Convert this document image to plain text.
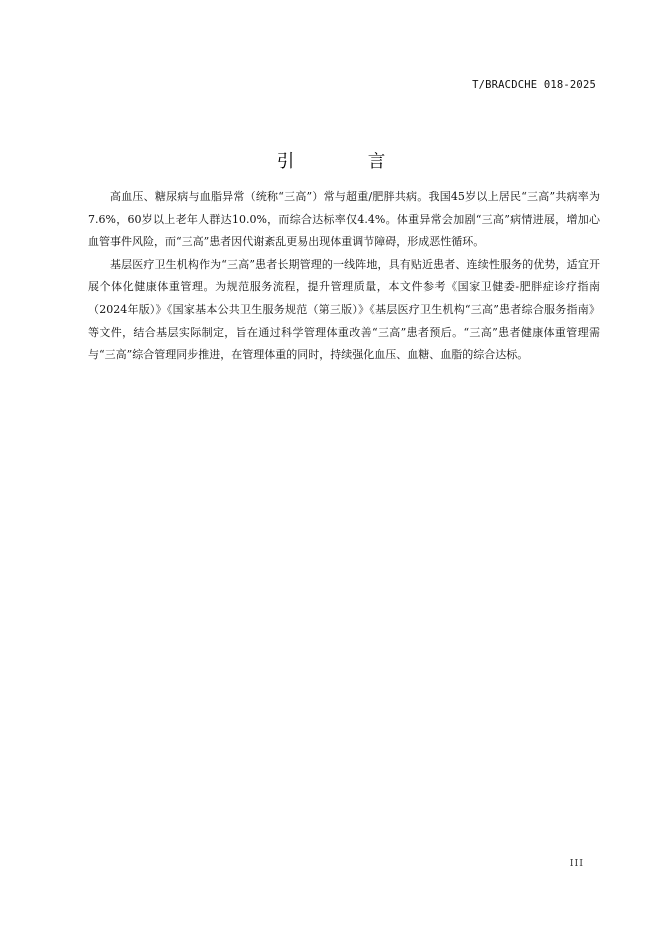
T/BRACDCHE 018-2025
引　言

高血压、糖尿病与血脂异常（统称“三高”）常与超重/肥胖共病。我国45岁以上居民“三高”共病率为7.6%，60岁以上老年人群达10.0%，而综合达标率仅4.4%。体重异常会加剧“三高”病情进展，增加心血管事件风险，而“三高”患者因代谢紊乱更易出现体重调节障碍，形成恶性循环。

基层医疗卫生机构作为“三高”患者长期管理的一线阵地，具有贴近患者、连续性服务的优势，适宜开展个体化健康体重管理。为规范服务流程，提升管理质量，本文件参考《国家卫健委-肥胖症诊疗指南（2024年版）》《国家基本公共卫生服务规范（第三版）》《基层医疗卫生机构“三高”患者综合服务指南》等文件，结合基层实际制定，旨在通过科学管理体重改善“三高”患者预后。“三高”患者健康体重管理需与“三高”综合管理同步推进，在管理体重的同时，持续强化血压、血糖、血脂的综合达标。

III
